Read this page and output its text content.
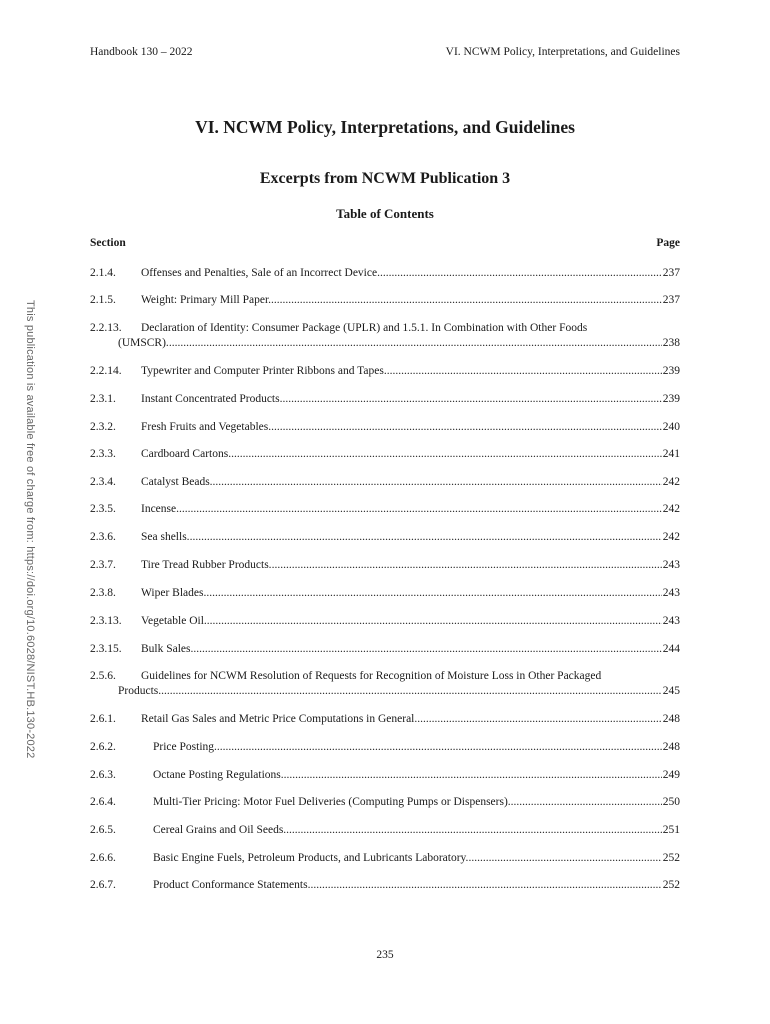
This publication is available free of charge from: https://doi.org/10.6028/NIST.HB.130-2022
Handbook 130 – 2022	VI. NCWM Policy, Interpretations, and Guidelines
VI. NCWM Policy, Interpretations, and Guidelines
Excerpts from NCWM Publication 3
Table of Contents
Section	Page
2.1.4.	Offenses and Penalties, Sale of an Incorrect Device. .....	237
2.1.5.	Weight: Primary Mill Paper. .....	237
2.2.13.	Declaration of Identity: Consumer Package (UPLR) and 1.5.1. In Combination with Other Foods
(UMSCR). .....	238
2.2.14.	Typewriter and Computer Printer Ribbons and Tapes. .....	239
2.3.1.	Instant Concentrated Products. .....	239
2.3.2.	Fresh Fruits and Vegetables. .....	240
2.3.3.	Cardboard Cartons. .....	241
2.3.4.	Catalyst Beads. .....	242
2.3.5.	Incense. .....	242
2.3.6.	Sea shells. .....	242
2.3.7.	Tire Tread Rubber Products. .....	243
2.3.8.	Wiper Blades. .....	243
2.3.13.	Vegetable Oil. .....	243
2.3.15.	Bulk Sales. .....	244
2.5.6.	Guidelines for NCWM Resolution of Requests for Recognition of Moisture Loss in Other Packaged
Products. .....	245
2.6.1.	Retail Gas Sales and Metric Price Computations in General .....	248
2.6.2.	Price Posting. .....	248
2.6.3.	Octane Posting Regulations. .....	249
2.6.4.	Multi-Tier Pricing: Motor Fuel Deliveries (Computing Pumps or Dispensers). .....	250
2.6.5.	Cereal Grains and Oil Seeds. .....	251
2.6.6.	Basic Engine Fuels, Petroleum Products, and Lubricants Laboratory. .....	252
2.6.7.	Product Conformance Statements. .....	252
235
